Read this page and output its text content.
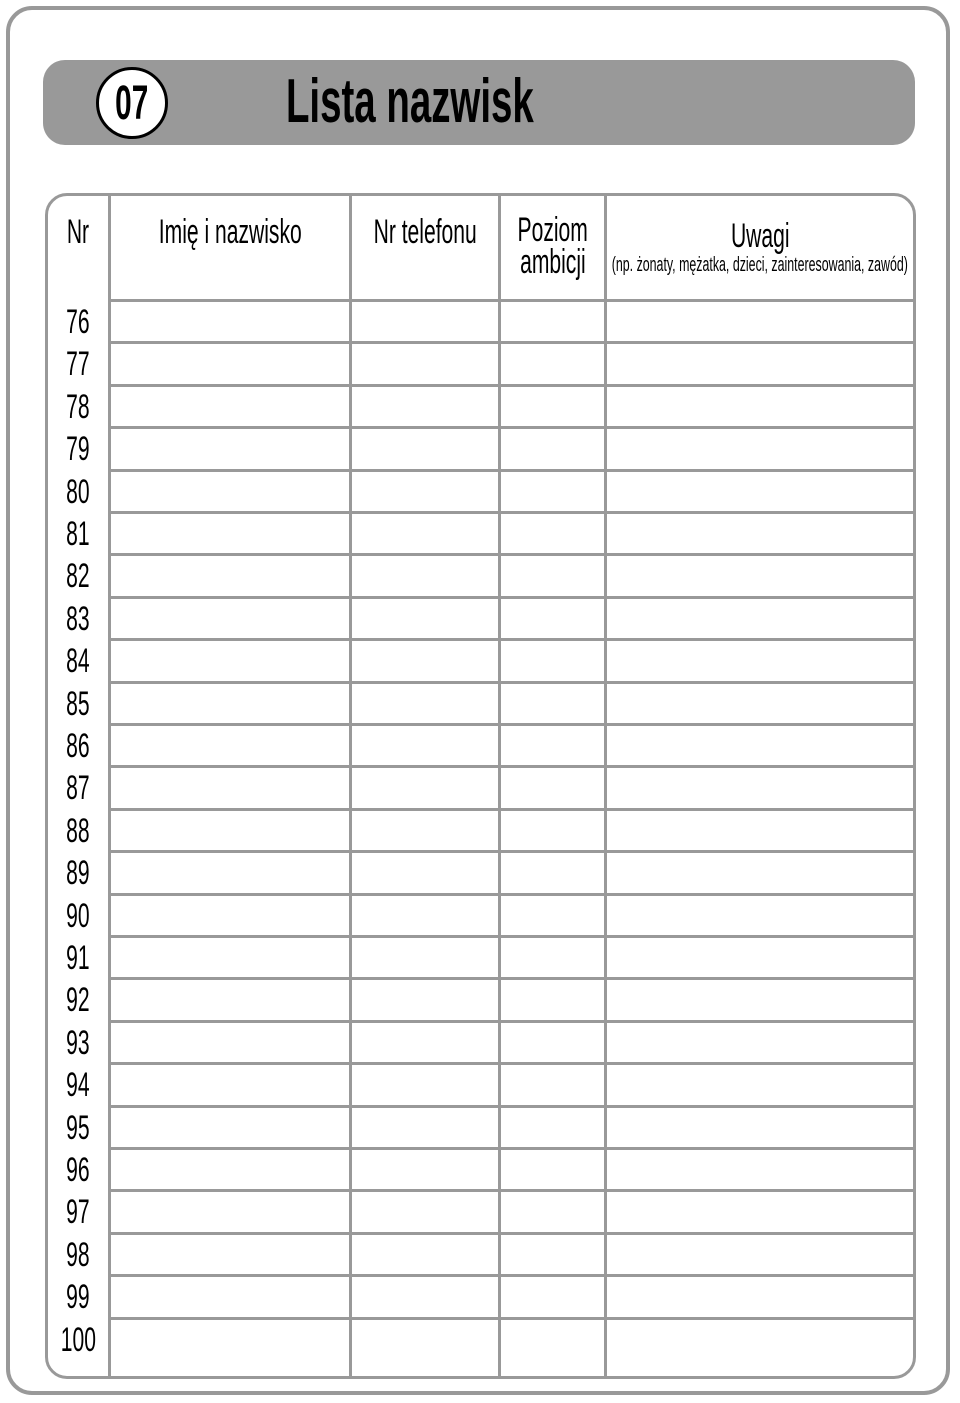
07 Lista nazwisk
Nr Imię i nazwisko Nr telefonu Poziom
ambicji
Uwagi
(np. żonaty, mężatka, dzieci, zainteresowania, zawód)
76
77
78
79
80
81
82
83
84
85
86
87
88
89
90
91
92
93
94
95
96
97
98
99
100
